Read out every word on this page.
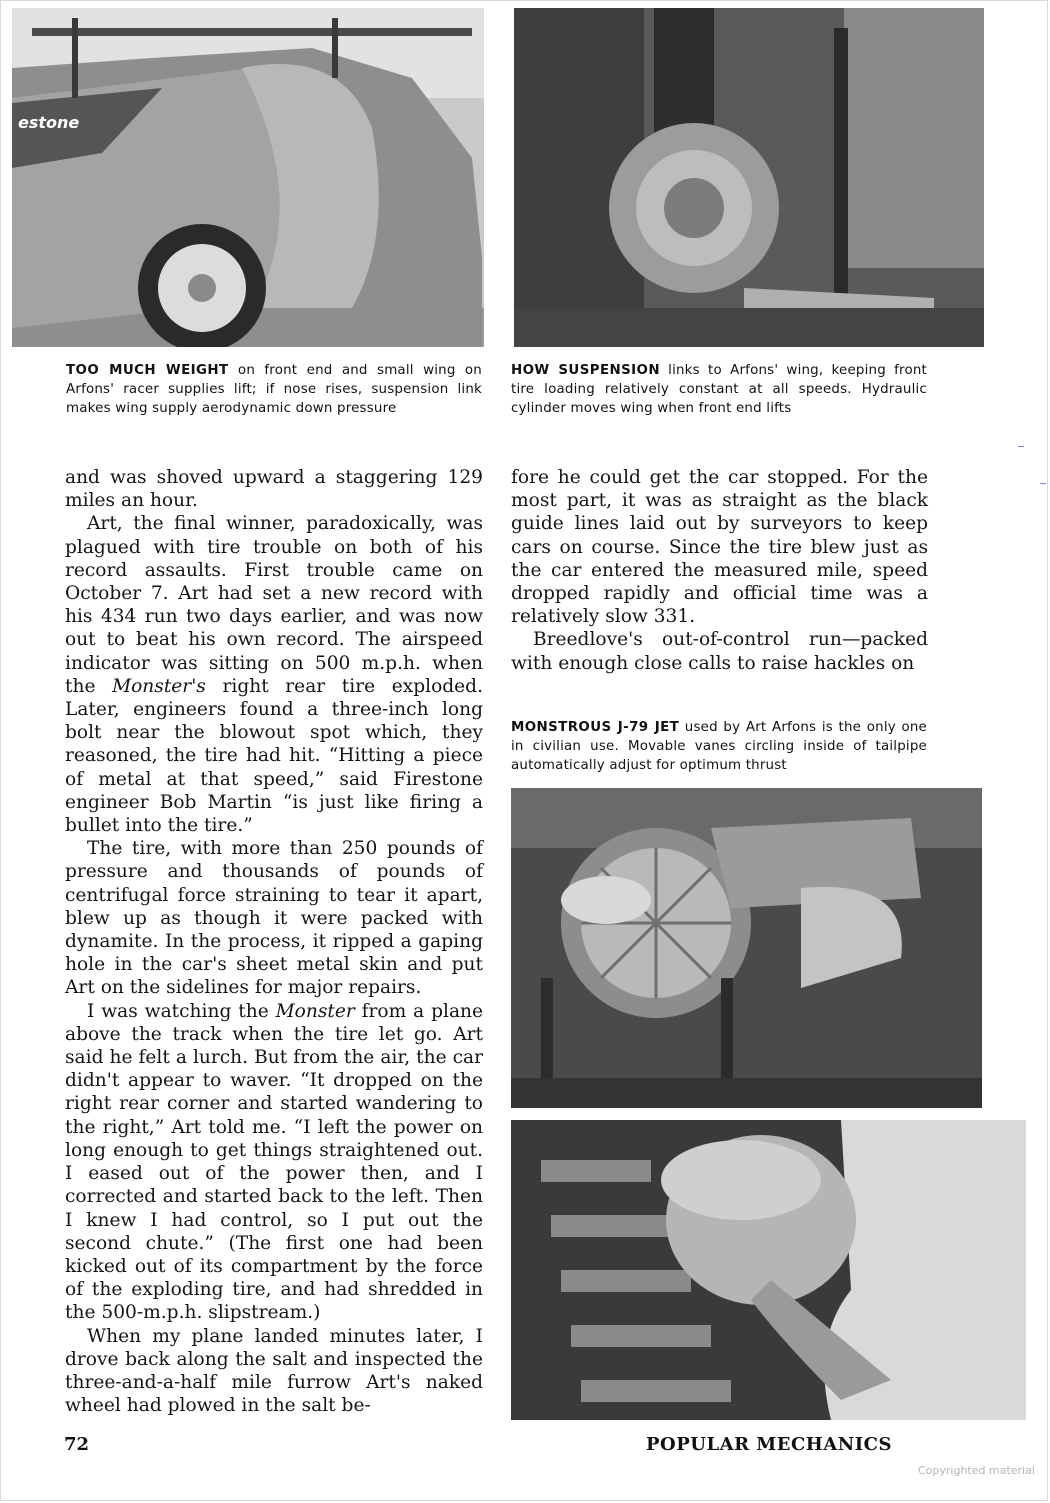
estone
TOO MUCH WEIGHT on front end and small wing on Arfons' racer supplies lift; if nose rises, suspension link makes wing supply aerodynamic down pressure
HOW SUSPENSION links to Arfons' wing, keeping front tire loading relatively constant at all speeds. Hydraulic cylinder moves wing when front end lifts

and was shoved upward a staggering 129 miles an hour.

Art, the final winner, paradoxically, was plagued with tire trouble on both of his record assaults. First trouble came on October 7. Art had set a new record with his 434 run two days earlier, and was now out to beat his own record. The airspeed indicator was sitting on 500 m.p.h. when the Monster's right rear tire exploded. Later, engineers found a three-inch long bolt near the blowout spot which, they reasoned, the tire had hit. “Hitting a piece of metal at that speed,” said Firestone engineer Bob Martin “is just like firing a bullet into the tire.”

The tire, with more than 250 pounds of pressure and thousands of pounds of centrifugal force straining to tear it apart, blew up as though it were packed with dynamite. In the process, it ripped a gaping hole in the car's sheet metal skin and put Art on the sidelines for major repairs.

I was watching the Monster from a plane above the track when the tire let go. Art said he felt a lurch. But from the air, the car didn't appear to waver. “It dropped on the right rear corner and started wandering to the right,” Art told me. “I left the power on long enough to get things straightened out. I eased out of the power then, and I corrected and started back to the left. Then I knew I had control, so I put out the second chute.” (The first one had been kicked out of its compartment by the force of the exploding tire, and had shredded in the 500-m.p.h. slipstream.)

When my plane landed minutes later, I drove back along the salt and inspected the three-and-a-half mile furrow Art's naked wheel had plowed in the salt be-

fore he could get the car stopped. For the most part, it was as straight as the black guide lines laid out by surveyors to keep cars on course. Since the tire blew just as the car entered the measured mile, speed dropped rapidly and official time was a relatively slow 331.

Breedlove's out-of-control run—packed with enough close calls to raise hackles on

MONSTROUS J-79 JET used by Art Arfons is the only one in civilian use. Movable vanes circling inside of tailpipe automatically adjust for optimum thrust
72	POPULAR MECHANICS
Copyrighted material
